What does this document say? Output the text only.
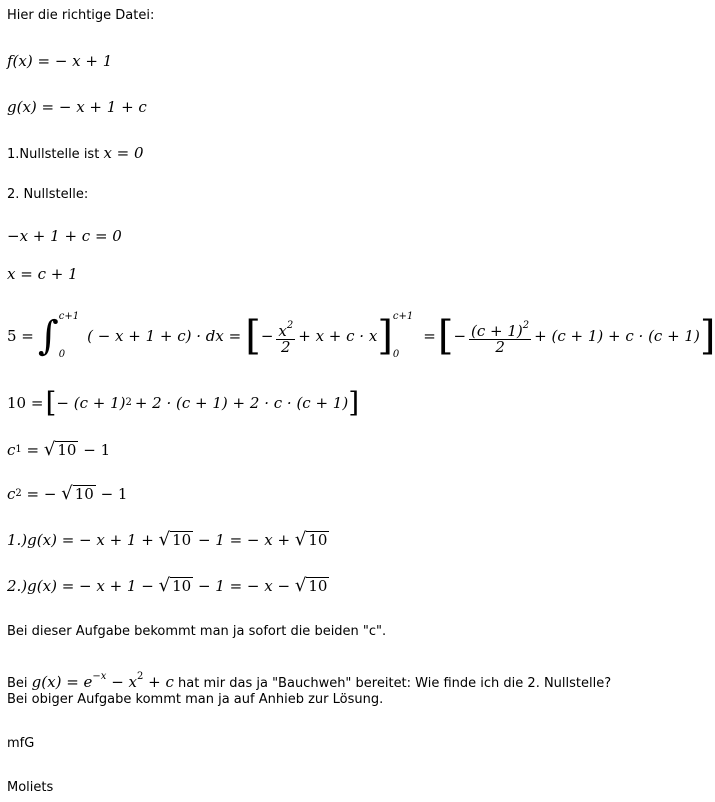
Hier die richtige Datei:
f(x) = − x + 1
g(x) = − x + 1 + c
1.Nullstelle ist x = 0
2. Nullstelle:
−x + 1 + c = 0
x = c + 1
5 = ∫ c+1
0
( − x + 1 + c) · dx = [ − $\frac{x^2}{2} + x + c \cdot x$ ] c+1
0
= [ − $\frac{(c + 1)^2}{2} + (c + 1) + c \cdot (c + 1)$ ]
10 = [ − (c + 1) 2 + 2 · (c + 1) + 2 · c · (c + 1) ]
c 1 = √ 10 − 1
c 2 = − √ 10 − 1
1.)g(x) = − x + 1 + √ 10 − 1 = − x + √ 10
2.)g(x) = − x + 1 − √ 10 − 1 = − x − √ 10
Bei dieser Aufgabe bekommt man ja sofort die beiden "c".
Bei $g(x) = e^{-x} - x^2 + c$ hat mir das ja "Bauchweh" bereitet: Wie finde ich die 2. Nullstelle?
Bei obiger Aufgabe kommt man ja auf Anhieb zur Lösung.
mfG
Moliets
